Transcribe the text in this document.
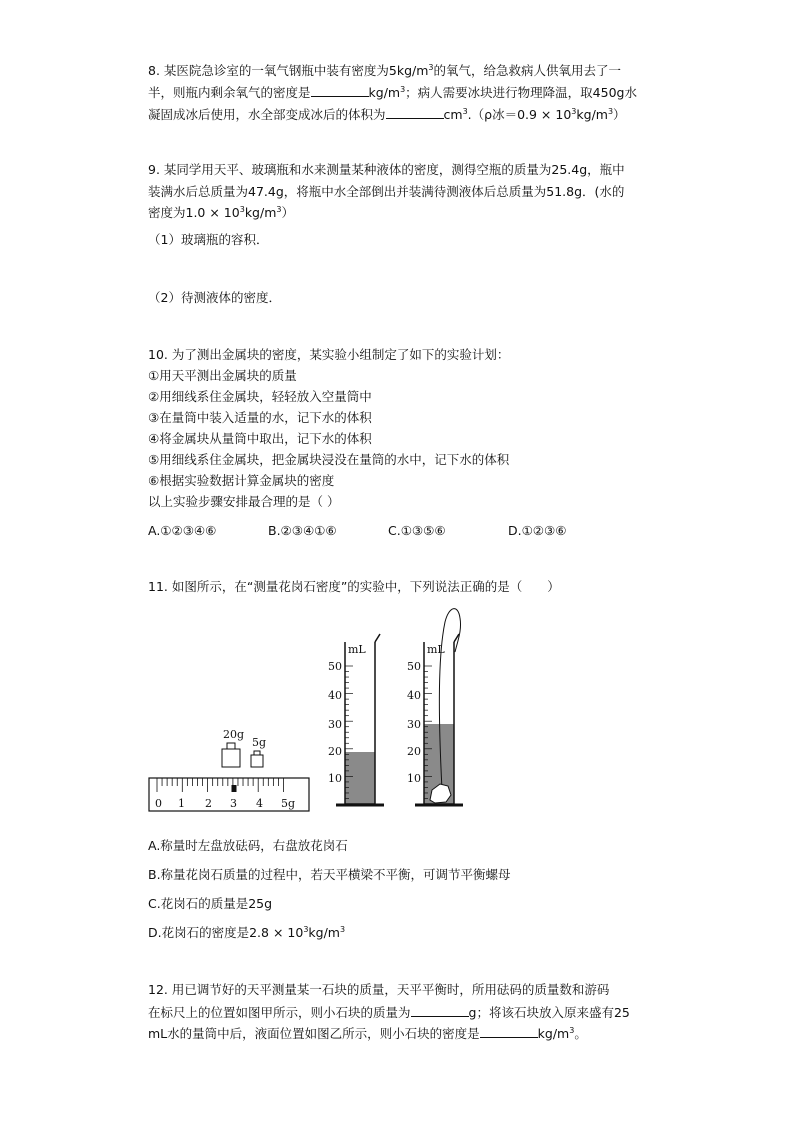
8. 某医院急诊室的一氧气钢瓶中装有密度为$5kg/m^3$的氧气，给急救病人供氧用去了一
半，则瓶内剩余氧气的密度是	$kg/m^3$；病人需要冰块进行物理降温，取450g水
凝固成冰后使用，水全部变成冰后的体积为	$cm^3.(\rho$冰$=0.9 \times 10^3kg/m^3$）
9. 某同学用天平、玻璃瓶和水来测量某种液体的密度，测得空瓶的质量为25.4g，瓶中
装满水后总质量为47.4g，将瓶中水全部倒出并装满待测液体后总质量为51.8g．(水的
密度为$1.0 \times 10^3kg/m^3$）
（1）玻璃瓶的容积．
（2）待测液体的密度．
10. 为了测出金属块的密度，某实验小组制定了如下的实验计划：
①用天平测出金属块的质量
②用细线系住金属块，轻轻放入空量筒中
③在量筒中装入适量的水，记下水的体积
④将金属块从量筒中取出，记下水的体积
⑤用细线系住金属块，把金属块浸没在量筒的水中，记下水的体积
⑥根据实验数据计算金属块的密度
以上实验步骤安排最合理的是（ ）
A.①②③④⑥	B.②③④①⑥	C.①③⑤⑥	D.①②③⑥
11. 如图所示，在“测量花岗石密度”的实验中，下列说法正确的是（　　）
20g
5g
0 1 2 3 4 5g
mL
50
40
30
20
10
mL
50
40
30
20
10
A.称量时左盘放砝码，右盘放花岗石
B.称量花岗石质量的过程中，若天平横梁不平衡，可调节平衡螺母
C.花岗石的质量是25g
D.花岗石的密度是$2.8 \times 10^3kg/m^3$
12. 用已调节好的天平测量某一石块的质量，天平平衡时，所用砝码的质量数和游码
在标尺上的位置如图甲所示，则小石块的质量为	g；将该石块放入原来盛有25
mL水的量筒中后，液面位置如图乙所示，则小石块的密度是	$kg/m^3$。
